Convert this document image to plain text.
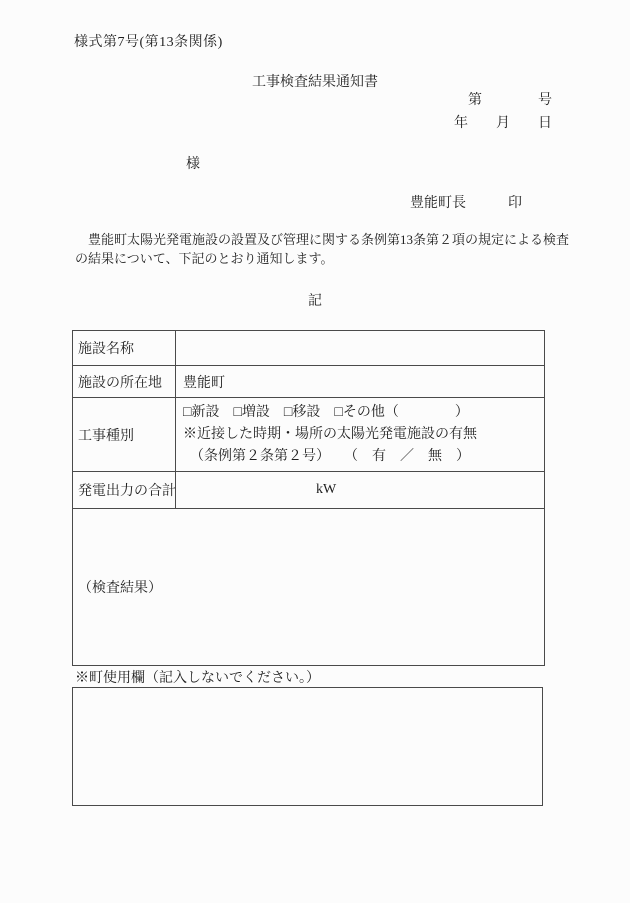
様式第7号(第13条関係)
工事検査結果通知書
第　　　　号
年　　月　　日
様
豊能町長　　　印
豊能町太陽光発電施設の設置及び管理に関する条例第13条第２項の規定による検査の結果について、下記のとおり通知します。
記
施設名称	
施設の所在地	豊能町
工事種別	□新設　□増設　□移設　□その他（　　　　）
※近接した時期・場所の太陽光発電施設の有無
　（条例第２条第２号）　　（　有　／　無　）

発電出力の合計	kW
（検査結果）	
※町使用欄（記入しないでください。）
